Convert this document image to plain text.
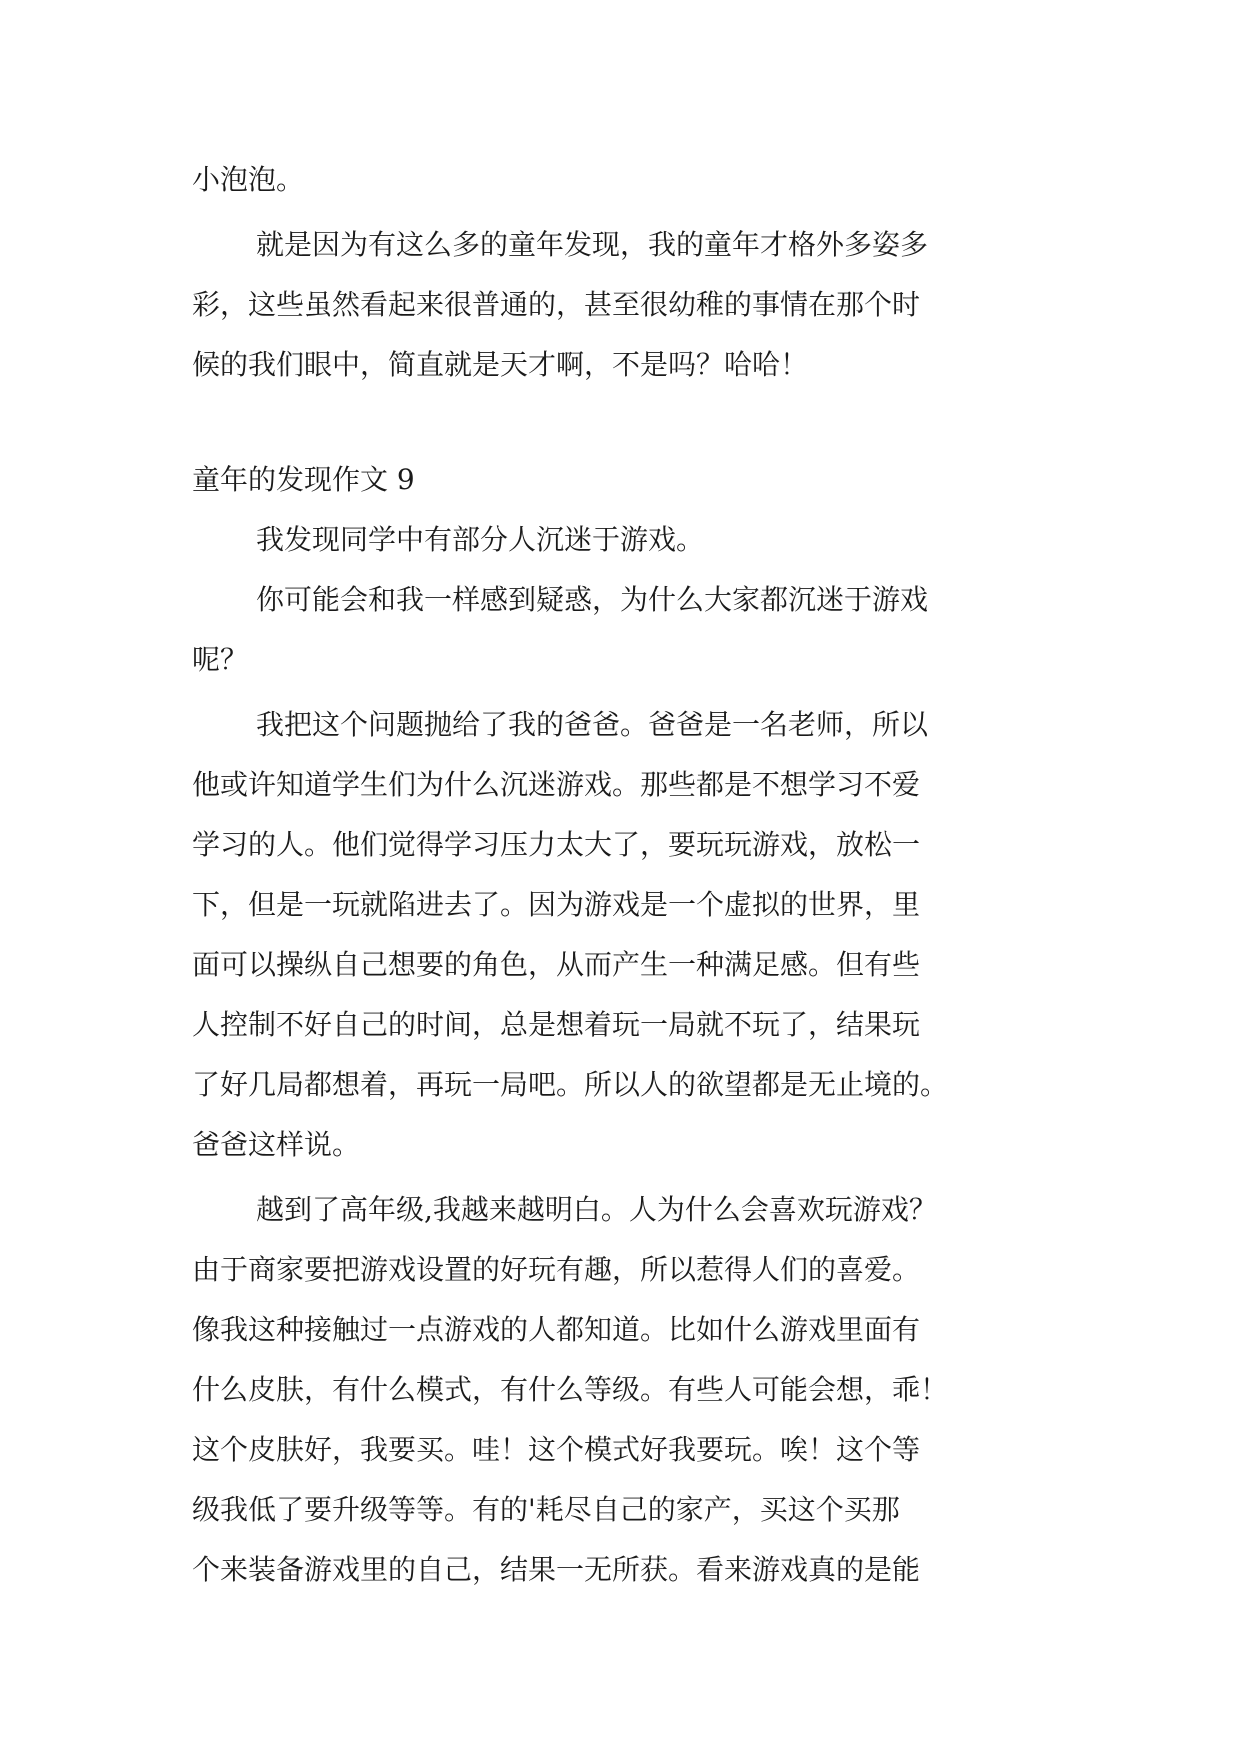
小泡泡。
就是因为有这么多的童年发现，我的童年才格外多姿多
彩，这些虽然看起来很普通的，甚至很幼稚的事情在那个时
候的我们眼中，简直就是天才啊，不是吗？哈哈！
童年的发现作文 9
我发现同学中有部分人沉迷于游戏。
你可能会和我一样感到疑惑，为什么大家都沉迷于游戏
呢？
我把这个问题抛给了我的爸爸。爸爸是一名老师，所以
他或许知道学生们为什么沉迷游戏。那些都是不想学习不爱
学习的人。他们觉得学习压力太大了，要玩玩游戏，放松一
下，但是一玩就陷进去了。因为游戏是一个虚拟的世界，里
面可以操纵自己想要的角色，从而产生一种满足感。但有些
人控制不好自己的时间，总是想着玩一局就不玩了，结果玩
了好几局都想着，再玩一局吧。所以人的欲望都是无止境的。
爸爸这样说。
越到了高年级,我越来越明白。人为什么会喜欢玩游戏？
由于商家要把游戏设置的好玩有趣，所以惹得人们的喜爱。
像我这种接触过一点游戏的人都知道。比如什么游戏里面有
什么皮肤，有什么模式，有什么等级。有些人可能会想，乖！
这个皮肤好，我要买。哇！这个模式好我要玩。唉！这个等
级我低了要升级等等。有的'耗尽自己的家产，买这个买那
个来装备游戏里的自己，结果一无所获。看来游戏真的是能
